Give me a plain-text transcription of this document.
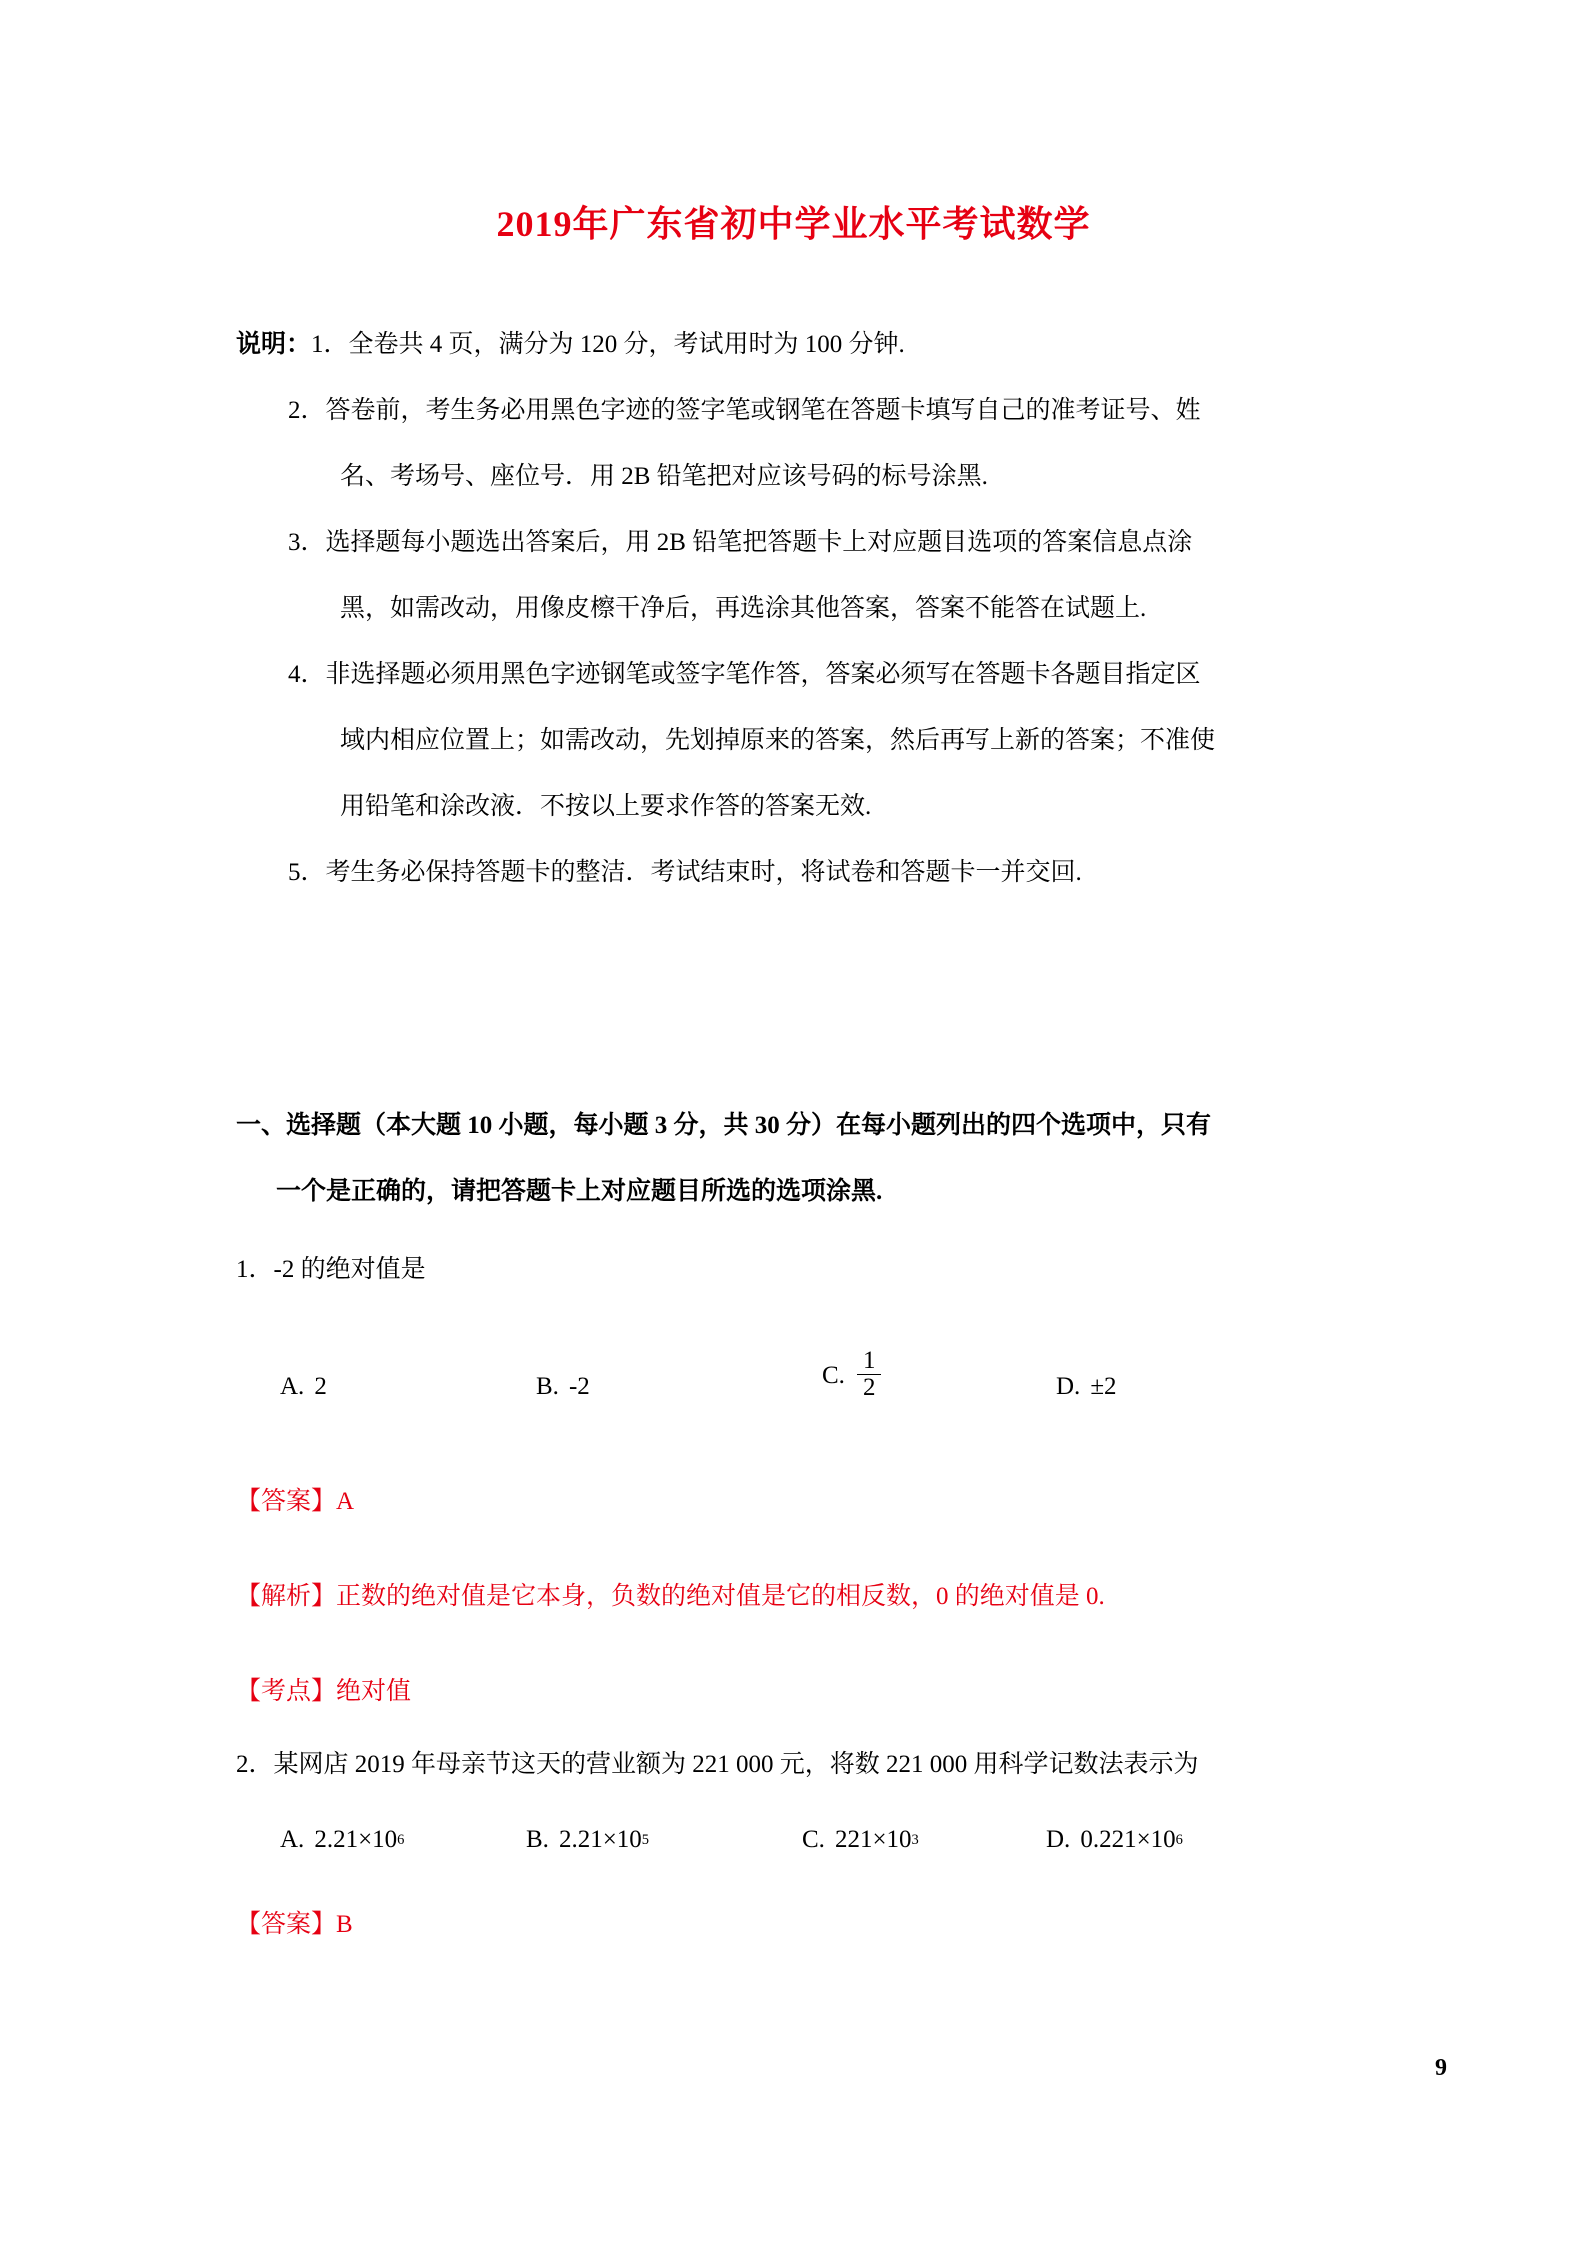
2019年广东省初中学业水平考试数学
说明：1．全卷共 4 页，满分为 120 分，考试用时为 100 分钟.
2．答卷前，考生务必用黑色字迹的签字笔或钢笔在答题卡填写自己的准考证号、姓
名、考场号、座位号．用 2B 铅笔把对应该号码的标号涂黑.
3．选择题每小题选出答案后，用 2B 铅笔把答题卡上对应题目选项的答案信息点涂
黑，如需改动，用像皮檫干净后，再选涂其他答案，答案不能答在试题上.
4．非选择题必须用黑色字迹钢笔或签字笔作答，答案必须写在答题卡各题目指定区
域内相应位置上；如需改动，先划掉原来的答案，然后再写上新的答案；不准使
用铅笔和涂改液．不按以上要求作答的答案无效.
5．考生务必保持答题卡的整洁．考试结束时，将试卷和答题卡一并交回.
一、选择题（本大题 10 小题，每小题 3 分，共 30 分）在每小题列出的四个选项中，只有
一个是正确的，请把答题卡上对应题目所选的选项涂黑.
1．‐2 的绝对值是
A. 2	B. ‐2	C. $\frac{1}{2}$	D. ±2
【答案】A
【解析】正数的绝对值是它本身，负数的绝对值是它的相反数，0 的绝对值是 0.
【考点】绝对值
2．某网店 2019 年母亲节这天的营业额为 221 000 元，将数 221 000 用科学记数法表示为
A. 2.21×10 6	B. 2.21×10 5	C. 221×10 3	D. 0.221×10 6
【答案】B
9
